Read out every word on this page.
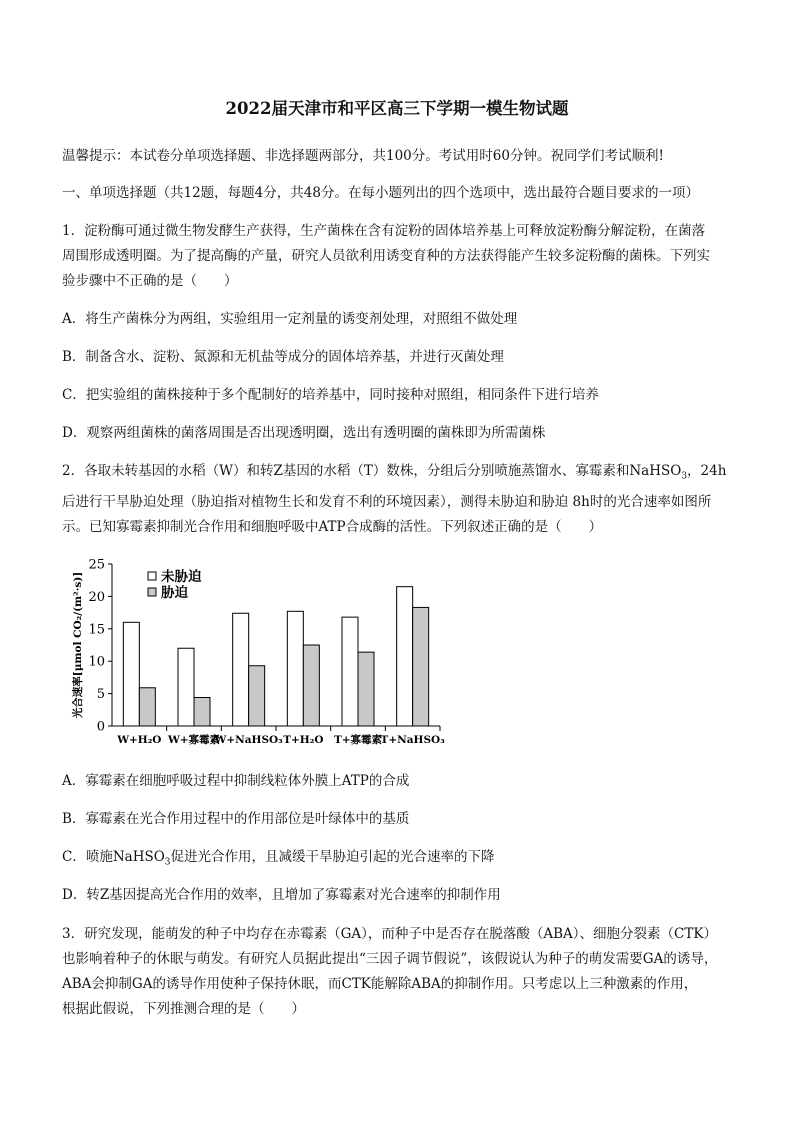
2022届天津市和平区高三下学期一模生物试题
温馨提示：本试卷分单项选择题、非选择题两部分，共100分。考试用时60分钟。祝同学们考试顺利!
一、单项选择题（共12题，每题4分，共48分。在每小题列出的四个选项中，选出最符合题目要求的一项）
1．淀粉酶可通过微生物发酵生产获得，生产菌株在含有淀粉的固体培养基上可释放淀粉酶分解淀粉，在菌落
周围形成透明圈。为了提高酶的产量，研究人员欲利用诱变育种的方法获得能产生较多淀粉酶的菌株。下列实
验步骤中不正确的是（　　）
A．将生产菌株分为两组，实验组用一定剂量的诱变剂处理，对照组不做处理
B．制备含水、淀粉、氮源和无机盐等成分的固体培养基，并进行灭菌处理
C．把实验组的菌株接种于多个配制好的培养基中，同时接种对照组，相同条件下进行培养
D．观察两组菌株的菌落周围是否出现透明圈，选出有透明圈的菌株即为所需菌株
2．各取未转基因的水稻（W）和转Z基因的水稻（T）数株，分组后分别喷施蒸馏水、寡霉素和NaHSO$_3$，24h
后进行干旱胁迫处理（胁迫指对植物生长和发育不利的环境因素），测得未胁迫和胁迫 8h时的光合速率如图所
示。已知寡霉素抑制光合作用和细胞呼吸中ATP合成酶的活性。下列叙述正确的是（　　）
0
5
10
15
20
25
光合速率[μmol CO₂/(m²·s)]
W+H₂O W+寡霉素
W+NaHSO₃ T+H₂O T+寡霉素
T+NaHSO₃
未胁迫
胁迫
A．寡霉素在细胞呼吸过程中抑制线粒体外膜上ATP的合成
B．寡霉素在光合作用过程中的作用部位是叶绿体中的基质
C．喷施NaHSO$_3$促进光合作用，且减缓干旱胁迫引起的光合速率的下降
D．转Z基因提高光合作用的效率，且增加了寡霉素对光合速率的抑制作用
3．研究发现，能萌发的种子中均存在赤霉素（GA），而种子中是否存在脱落酸（ABA）、细胞分裂素（CTK）
也影响着种子的休眠与萌发。有研究人员据此提出“三因子调节假说”，该假说认为种子的萌发需要GA的诱导，
ABA会抑制GA的诱导作用使种子保持休眠，而CTK能解除ABA的抑制作用。只考虑以上三种激素的作用，
根据此假说，下列推测合理的是（　　）
